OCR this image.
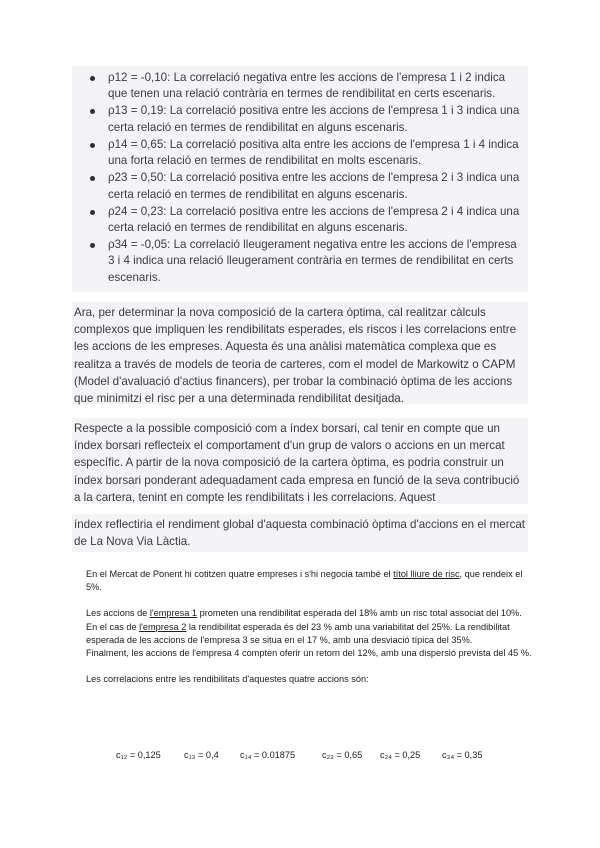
ρ12 = -0,10: La correlació negativa entre les accions de l'empresa 1 i 2 indica que tenen una relació contrària en termes de rendibilitat en certs escenaris.
ρ13 = 0,19: La correlació positiva entre les accions de l'empresa 1 i 3 indica una certa relació en termes de rendibilitat en alguns escenaris.
ρ14 = 0,65: La correlació positiva alta entre les accions de l'empresa 1 i 4 indica una forta relació en termes de rendibilitat en molts escenaris.
ρ23 = 0,50: La correlació positiva entre les accions de l'empresa 2 i 3 indica una certa relació en termes de rendibilitat en alguns escenaris.
ρ24 = 0,23: La correlació positiva entre les accions de l'empresa 2 i 4 indica una certa relació en termes de rendibilitat en alguns escenaris.
ρ34 = -0,05: La correlació lleugerament negativa entre les accions de l'empresa 3 i 4 indica una relació lleugerament contrària en termes de rendibilitat en certs escenaris.

Ara, per determinar la nova composició de la cartera òptima, cal realitzar càlculs complexos que impliquen les rendibilitats esperades, els riscos i les correlacions entre les accions de les empreses. Aquesta és una anàlisi matemàtica complexa que es realitza a través de models de teoria de carteres, com el model de Markowitz o CAPM (Model d'avaluació d'actius financers), per trobar la combinació òptima de les accions que minimitzi el risc per a una determinada rendibilitat desitjada.

Respecte a la possible composició com a índex borsari, cal tenir en compte que un índex borsari reflecteix el comportament d'un grup de valors o accions en un mercat específic. A partir de la nova composició de la cartera òptima, es podria construir un índex borsari ponderant adequadament cada empresa en funció de la seva contribució a la cartera, tenint en compte les rendibilitats i les correlacions. Aquest

índex reflectiria el rendiment global d'aquesta combinació òptima d'accions en el mercat de La Nova Via Làctia.

En el Mercat de Ponent hi cotitzen quatre empreses i s'hi negocia també el títol lliure de risc, que rendeix el 5%.

Les accions de l'empresa 1 prometen una rendibilitat esperada del 18% amb un risc total associat del 10%.

En el cas de l'empresa 2 la rendibilitat esperada és del 23 % amb una variabilitat del 25%. La rendibilitat esperada de les accions de l'empresa 3 se situa en el 17 %, amb una desviació típica del 35%.

Finalment, les accions de l'empresa 4 compten oferir un retorn del 12%, amb una dispersió prevista del 45 %.

Les correlacions entre les rendibilitats d'aquestes quatre accions són:

c₁₂ = 0,125	c₁₃ = 0,4 c₁₄ = 0.01875	c₂₃ = 0,65 c₂₄ = 0,25 c₃₄ = 0,35
